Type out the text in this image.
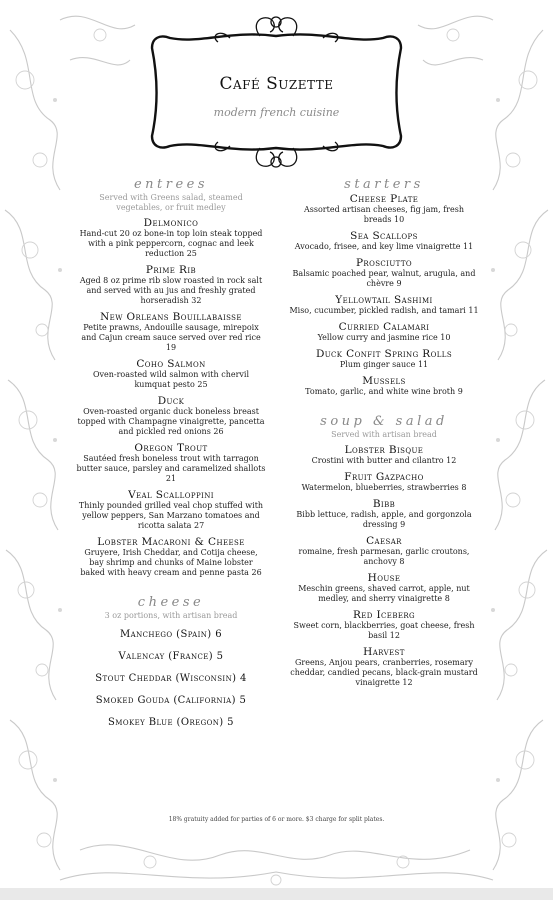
Café Suzette
modern french cuisine
entrees
Served with Greens salad, steamed vegetables, or fruit medley
Delmonico
Hand-cut 20 oz bone-in top loin steak topped with a pink peppercorn, cognac and leek reduction 25
Prime Rib
Aged 8 oz prime rib slow roasted in rock salt and served with au jus and freshly grated horseradish 32
New Orleans Bouillabaisse
Petite prawns, Andouille sausage, mirepoix and Cajun cream sauce served over red rice 19
Coho Salmon
Oven-roasted wild salmon with chervil kumquat pesto 25
Duck
Oven-roasted organic duck boneless breast topped with Champagne vinaigrette, pancetta and pickled red onions 26
Oregon Trout
Sautéed fresh boneless trout with tarragon butter sauce, parsley and caramelized shallots 21
Veal Scalloppini
Thinly pounded grilled veal chop stuffed with yellow peppers, San Marzano tomatoes and ricotta salata 27
Lobster Macaroni & Cheese
Gruyere, Irish Cheddar, and Cotija cheese, bay shrimp and chunks of Maine lobster baked with heavy cream and penne pasta 26
cheese
3 oz portions, with artisan bread
Manchego (Spain) 6
Valencay (France) 5
Stout Cheddar (Wisconsin) 4
Smoked Gouda (California) 5
Smokey Blue (Oregon) 5
starters
Cheese Plate
Assorted artisan cheeses, fig jam, fresh breads 10
Sea Scallops
Avocado, frisee, and key lime vinaigrette 11
Prosciutto
Balsamic poached pear, walnut, arugula, and chèvre 9
Yellowtail Sashimi
Miso, cucumber, pickled radish, and tamari 11
Curried Calamari
Yellow curry and jasmine rice 10
Duck Confit Spring Rolls
Plum ginger sauce 11
Mussels
Tomato, garlic, and white wine broth 9
soup & salad
Served with artisan bread
Lobster Bisque
Crostini with butter and cilantro 12
Fruit Gazpacho
Watermelon, blueberries, strawberries 8
Bibb
Bibb lettuce, radish, apple, and gorgonzola dressing 9
Caesar
romaine, fresh parmesan, garlic croutons, anchovy 8
House
Meschin greens, shaved carrot, apple, nut medley, and sherry vinaigrette 8
Red Iceberg
Sweet corn, blackberries, goat cheese, fresh basil 12
Harvest
Greens, Anjou pears, cranberries, rosemary cheddar, candied pecans, black-grain mustard vinaigrette 12
18% gratuity added for parties of 6 or more. $3 charge for split plates.
